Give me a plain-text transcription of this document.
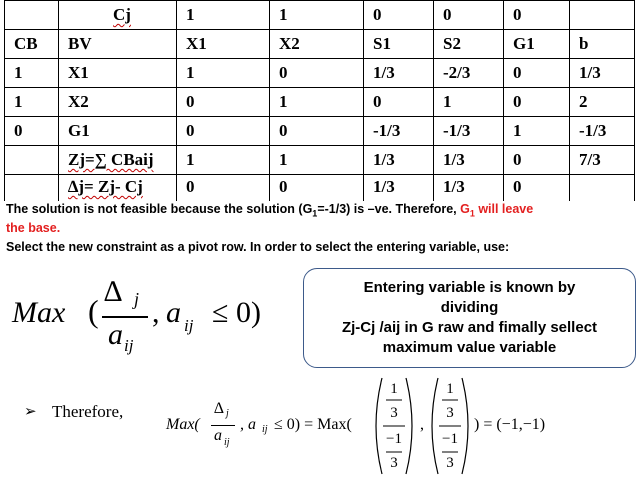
	Cj	1	1	0	0	0	
CB	BV	X1	X2	S1	S2	G1	b
1	X1	1	0	1/3	-2/3	0	1/3
1	X2	0	1	0	1	0	2
0	G1	0	0	-1/3	-1/3	1	-1/3
	Zj=∑ CBaij	1	1	1/3	1/3	0	7/3
	∆j= Zj- Cj	0	0	1/3	1/3	0	
The solution is not feasible because the solution $(G_1=-1/3)$ is –ve. Therefore, $G_1$ will leave
the base.
Select the new constraint as a pivot row. In order to select the entering variable, use:
Max (
∆ j
a ij
, a ij ≤ 0)
Entering variable is known by
dividing
Zj-Cj /aij in G raw and fimally sellect
maximum value variable
➢ Therefore,
Max(
∆ j
a ij
, a ij ≤ 0) = Max(
1
3
−1
3
,
1
3
−1
3
) = (−1,−1)
